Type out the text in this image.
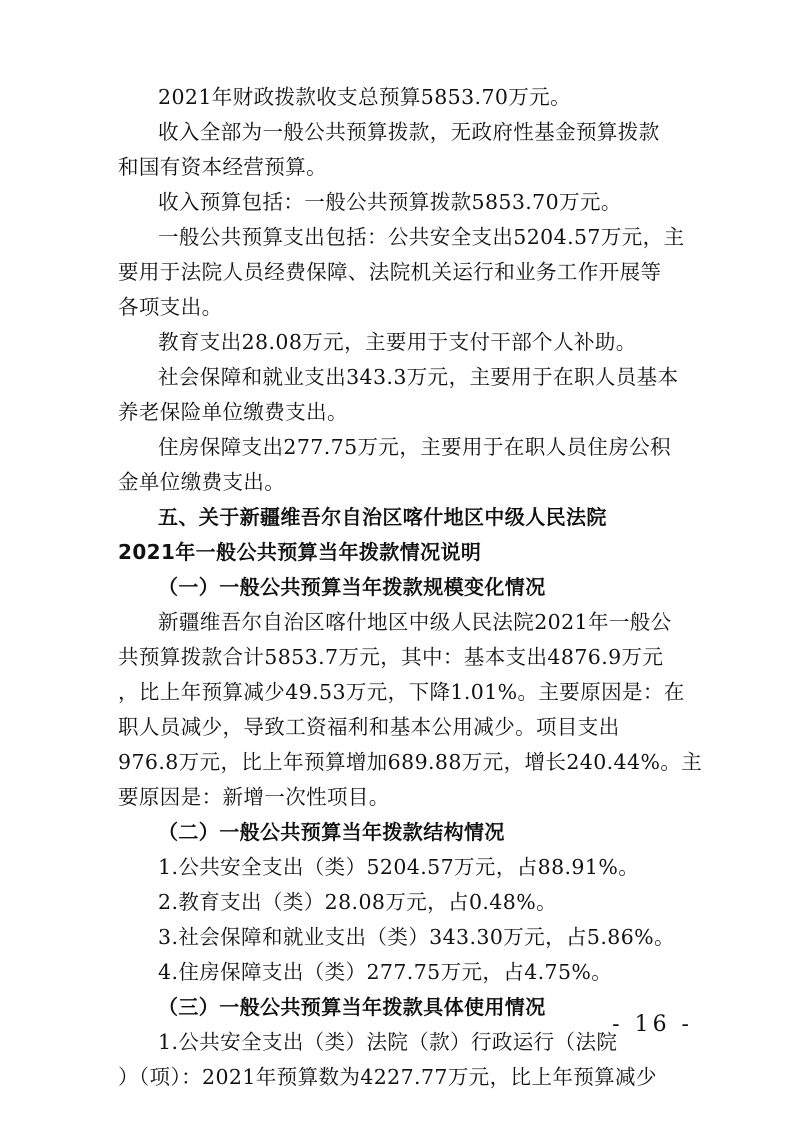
2021年财政拨款收支总预算5853.70万元。
收入全部为一般公共预算拨款，无政府性基金预算拨款
和国有资本经营预算。
收入预算包括：一般公共预算拨款5853.70万元。
一般公共预算支出包括：公共安全支出5204.57万元，主
要用于法院人员经费保障、法院机关运行和业务工作开展等
各项支出。
教育支出28.08万元，主要用于支付干部个人补助。
社会保障和就业支出343.3万元，主要用于在职人员基本
养老保险单位缴费支出。
住房保障支出277.75万元，主要用于在职人员住房公积
金单位缴费支出。
五、关于新疆维吾尔自治区喀什地区中级人民法院
2021年一般公共预算当年拨款情况说明
（一）一般公共预算当年拨款规模变化情况
新疆维吾尔自治区喀什地区中级人民法院2021年一般公
共预算拨款合计5853.7万元，其中：基本支出4876.9万元
，比上年预算减少49.53万元，下降1.01%。主要原因是：在
职人员减少，导致工资福利和基本公用减少。项目支出
976.8万元，比上年预算增加689.88万元，增长240.44%。主
要原因是：新增一次性项目。
（二）一般公共预算当年拨款结构情况
1.公共安全支出（类）5204.57万元，占88.91%。
2.教育支出（类）28.08万元，占0.48%。
3.社会保障和就业支出（类）343.30万元，占5.86%。
4.住房保障支出（类）277.75万元，占4.75%。
（三）一般公共预算当年拨款具体使用情况
1.公共安全支出（类）法院（款）行政运行（法院
）（项）：2021年预算数为4227.77万元，比上年预算减少
- 16 -
